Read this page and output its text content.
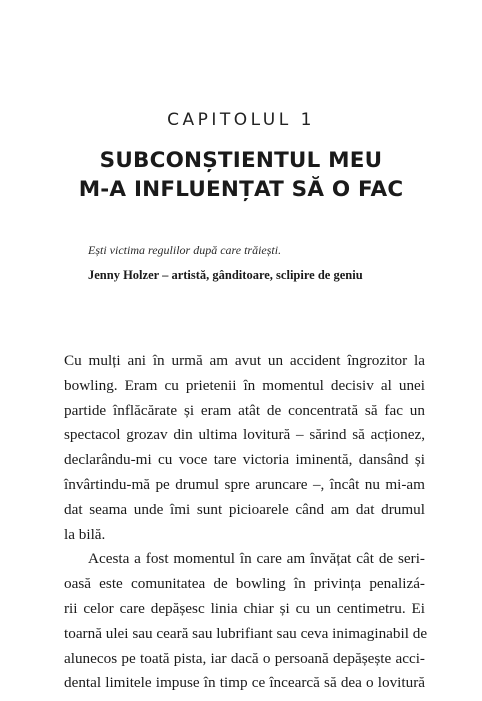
CAPITOLUL 1
SUBCONȘTIENTUL MEU
M-A INFLUENȚAT SĂ O FAC
Ești victima regulilor după care trăiești.
Jenny Holzer – artistă, gânditoare, sclipire de geniu
Cu mulți ani în urmă am avut un accident îngrozitor la
bowling. Eram cu prietenii în momentul decisiv al unei
partide înflăcărate și eram atât de concentrată să fac un
spectacol grozav din ultima lovitură – sărind să acționez,
declarându-mi cu voce tare victoria iminentă, dansând și
învârtindu-mă pe drumul spre aruncare –, încât nu mi-am
dat seama unde îmi sunt picioarele când am dat drumul
la bilă.
Acesta a fost momentul în care am învățat cât de seri-
oasă este comunitatea de bowling în privința penalizá-
rii celor care depășesc linia chiar și cu un centimetru. Ei
toarnă ulei sau ceară sau lubrifiant sau ceva inimaginabil de
alunecos pe toată pista, iar dacă o persoană depășește acci-
dental limitele impuse în timp ce încearcă să dea o lovitură
